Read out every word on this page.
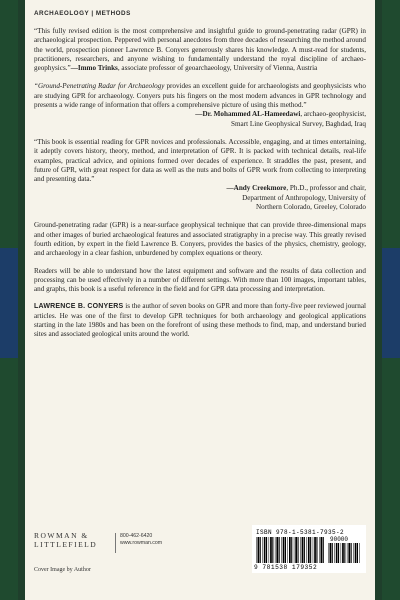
ARCHAEOLOGY | METHODS
“This fully revised edition is the most comprehensive and insightful guide to ground-penetrating radar (GPR) in archaeological prospection. Peppered with personal anecdotes from three decades of researching the method around the world, prospection pioneer Lawrence B. Conyers generously shares his knowledge. A must-read for students, practitioners, researchers, and anyone wishing to fundamentally understand the royal discipline of archaeo-geophysics.”—Immo Trinks, associate professor of geoarchaeology, University of Vienna, Austria
“Ground-Penetrating Radar for Archaeology provides an excellent guide for archaeologists and geophysicists who are studying GPR for archaeology. Conyers puts his fingers on the most modern advances in GPR technology and presents a wide range of information that offers a comprehensive picture of using this method.”
—Dr. Mohammed AL-Hameedawi, archaeo-geophysicist,
Smart Line Geophysical Survey, Baghdad, Iraq
“This book is essential reading for GPR novices and professionals. Accessible, engaging, and at times entertaining, it adeptly covers history, theory, method, and interpretation of GPR. It is packed with technical details, real-life examples, practical advice, and opinions formed over decades of experience. It straddles the past, present, and future of GPR, with great respect for data as well as the nuts and bolts of GPR work from collecting to interpreting and presenting data.”
—Andy Creekmore, Ph.D., professor and chair,
Department of Anthropology, University of
Northern Colorado, Greeley, Colorado

Ground-penetrating radar (GPR) is a near-surface geophysical technique that can provide three-dimensional maps and other images of buried archaeological features and associated stratigraphy in a precise way. This greatly revised fourth edition, by expert in the field Lawrence B. Conyers, provides the basics of the physics, chemistry, geology, and archaeology in a clear fashion, unburdened by complex equations or theory.

Readers will be able to understand how the latest equipment and software and the results of data collection and processing can be used effectively in a number of different settings. With more than 100 images, important tables, and graphs, this book is a useful reference in the field and for GPR data processing and interpretation.

LAWRENCE B. CONYERS is the author of seven books on GPR and more than forty-five peer reviewed journal articles. He was one of the first to develop GPR techniques for both archaeology and geological applications starting in the late 1980s and has been on the forefront of using these methods to find, map, and understand buried sites and associated geological units around the world.

ROWMAN &
LITTLEFIELD
800-462-6420
www.rowman.com
Cover Image by Author
ISBN 978-1-5381-7935-2
90000
9 781538 179352
